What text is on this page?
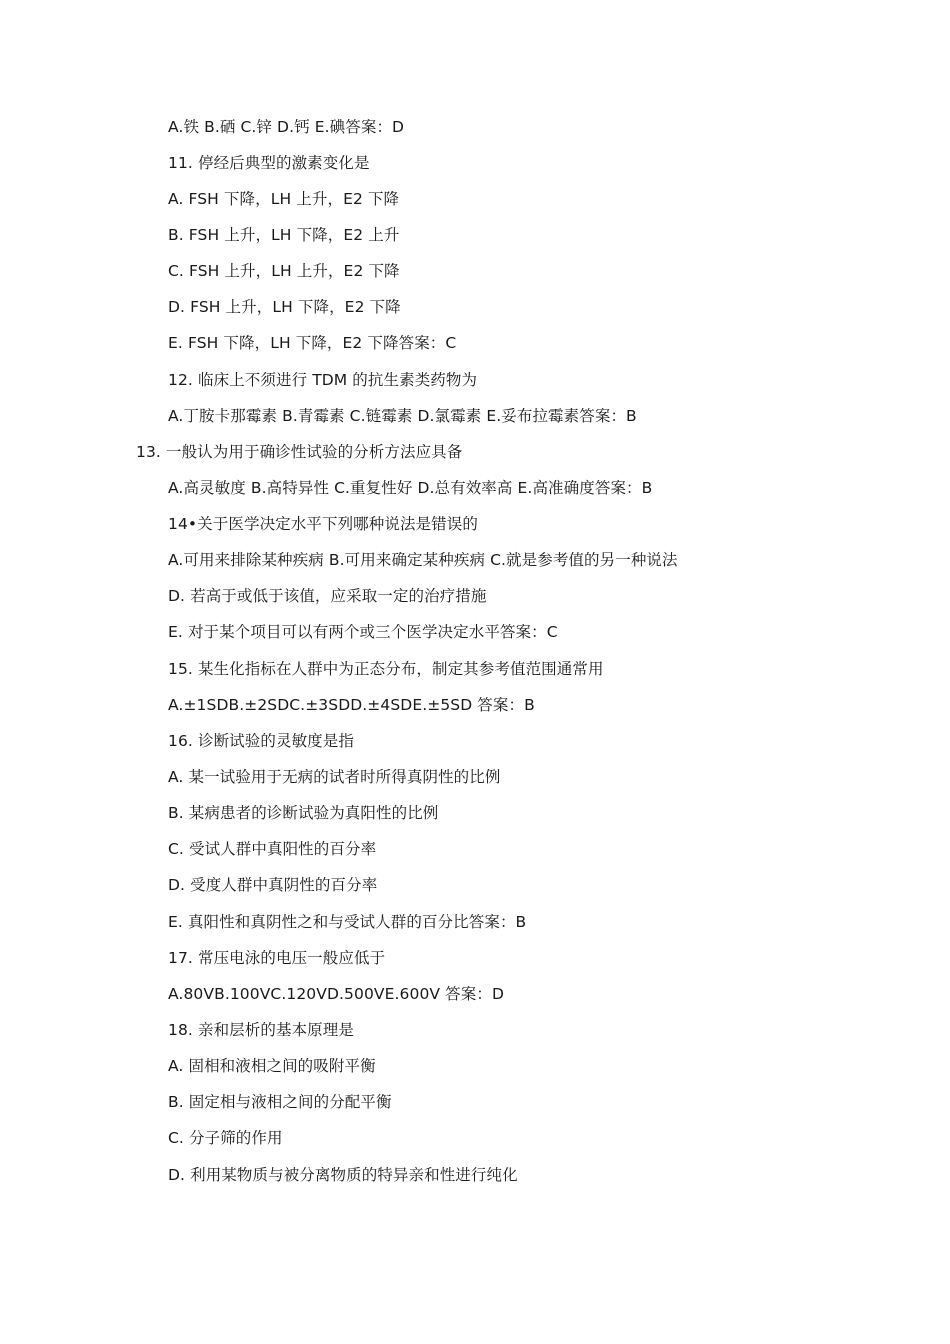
A.铁 B.硒 C.锌 D.钙 E.碘答案：D
11. 停经后典型的激素变化是
A. FSH 下降，LH 上升，E2 下降
B. FSH 上升，LH 下降，E2 上升
C. FSH 上升，LH 上升，E2 下降
D. FSH 上升，LH 下降，E2 下降
E. FSH 下降，LH 下降，E2 下降答案：C
12. 临床上不须进行 TDM 的抗生素类药物为
A.丁胺卡那霉素 B.青霉素 C.链霉素 D.氯霉素 E.妥布拉霉素答案：B
13. 一般认为用于确诊性试验的分析方法应具备
A.高灵敏度 B.高特异性 C.重复性好 D.总有效率高 E.高准确度答案：B
14•关于医学决定水平下列哪种说法是错误的
A.可用来排除某种疾病 B.可用来确定某种疾病 C.就是参考值的另一种说法
D. 若高于或低于该值，应采取一定的治疗措施
E. 对于某个项目可以有两个或三个医学决定水平答案：C
15. 某生化指标在人群中为正态分布，制定其参考值范围通常用
A.±1SDB.±2SDC.±3SDD.±4SDE.±5SD 答案：B
16. 诊断试验的灵敏度是指
A. 某一试验用于无病的试者时所得真阴性的比例
B. 某病患者的诊断试验为真阳性的比例
C. 受试人群中真阳性的百分率
D. 受度人群中真阴性的百分率
E. 真阳性和真阴性之和与受试人群的百分比答案：B
17. 常压电泳的电压一般应低于
A.80VB.100VC.120VD.500VE.600V 答案：D
18. 亲和层析的基本原理是
A. 固相和液相之间的吸附平衡
B. 固定相与液相之间的分配平衡
C. 分子筛的作用
D. 利用某物质与被分离物质的特异亲和性进行纯化
